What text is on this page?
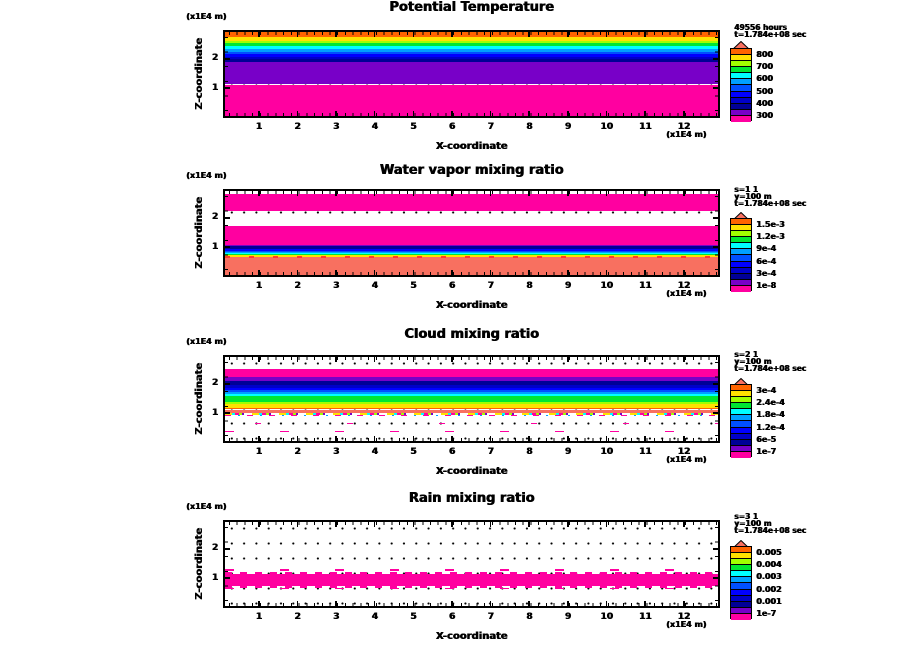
Potential Temperature
(x1E4 m)
Z-coordinate 2
1
1	2	3	4	5	6	7	8	9	10	11	12
(x1E4 m)
X-coordinate
49556 hours
t=1.784e+08 sec
800
700
600
500
400
300
Water vapor mixing ratio
(x1E4 m)
Z-coordinate 2
1
1	2	3	4	5	6	7	8	9	10	11	12
(x1E4 m)
X-coordinate
s=1 1
y=100 m
t=1.784e+08 sec
1.5e-3
1.2e-3
9e-4
6e-4
3e-4
1e-8
Cloud mixing ratio
(x1E4 m)
Z-coordinate 2
1
1	2	3	4	5	6	7	8	9	10	11	12
(x1E4 m)
X-coordinate
s=2 1
y=100 m
t=1.784e+08 sec
3e-4
2.4e-4
1.8e-4
1.2e-4
6e-5
1e-7
Rain mixing ratio
(x1E4 m)
Z-coordinate 2
1
1	2	3	4	5	6	7	8	9	10	11	12
(x1E4 m)
X-coordinate
s=3 1
y=100 m
t=1.784e+08 sec
0.005
0.004
0.003
0.002
0.001
1e-7
